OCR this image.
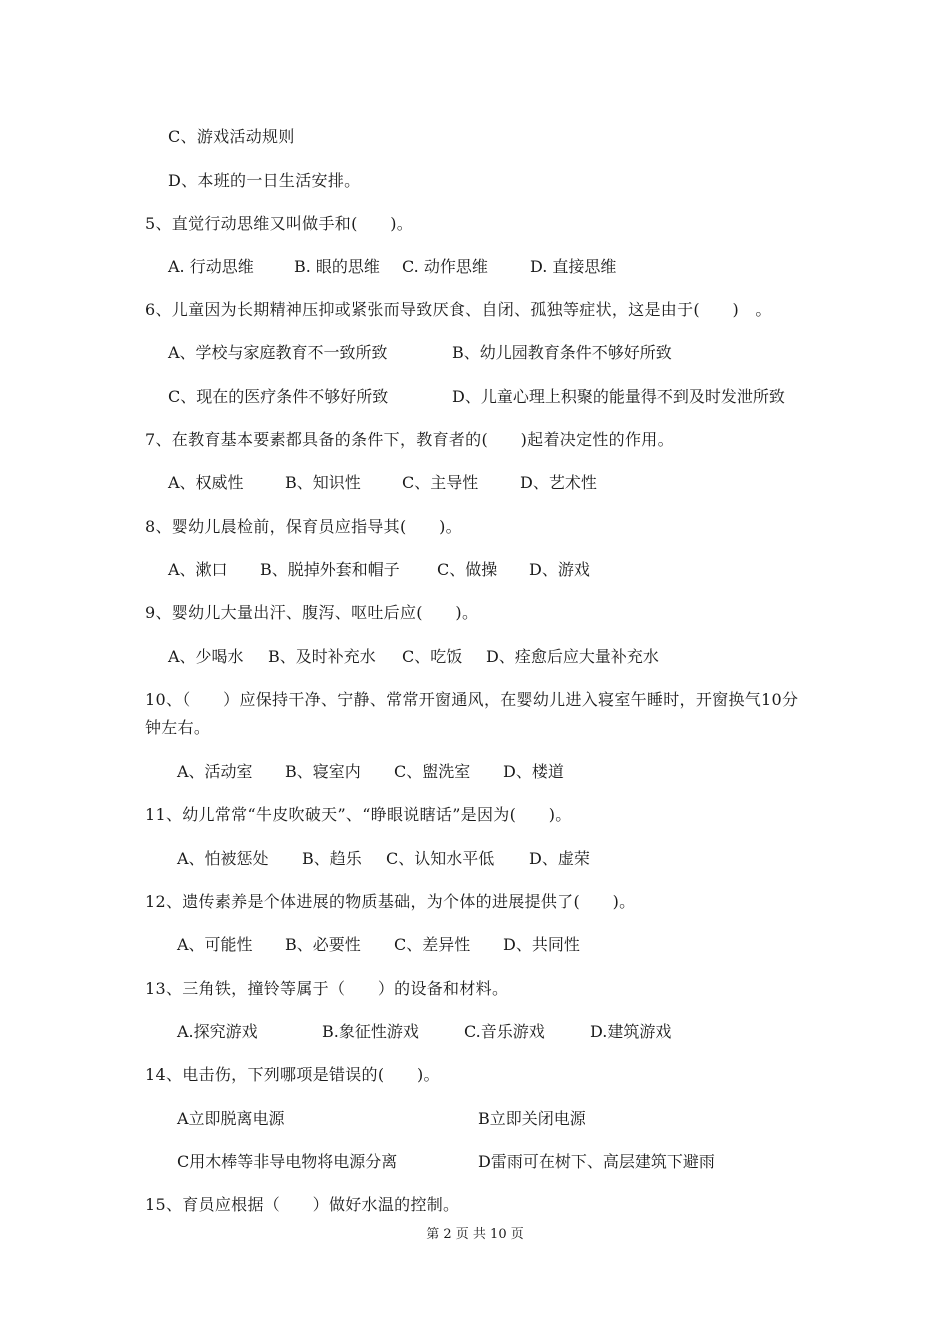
C、游戏活动规则
D、本班的一日生活安排。
5、直觉行动思维又叫做手和(　　)。
A. 行动思维	B. 眼的思维 C. 动作思维	D. 直接思维
6、儿童因为长期精神压抑或紧张而导致厌食、自闭、孤独等症状，这是由于(　　)　。
A、学校与家庭教育不一致所致	B、幼儿园教育条件不够好所致
C、现在的医疗条件不够好所致	D、儿童心理上积聚的能量得不到及时发泄所致
7、在教育基本要素都具备的条件下，教育者的(　　)起着决定性的作用。
A、权威性	B、知识性	C、主导性	D、艺术性
8、婴幼儿晨检前，保育员应指导其(　　)。
A、漱口 B、脱掉外套和帽子 C、做操 D、游戏
9、婴幼儿大量出汗、腹泻、呕吐后应(　　)。
A、少喝水 B、及时补充水 C、吃饭 D、痊愈后应大量补充水
10、（　　）应保持干净、宁静、常常开窗通风，在婴幼儿进入寝室午睡时，开窗换气10分
钟左右。
A、活动室 B、寝室内 C、盥洗室 D、楼道
11、幼儿常常“牛皮吹破天”、“睁眼说瞎话”是因为(　　)。
A、怕被惩处 B、趋乐 C、认知水平低 D、虚荣
12、遗传素养是个体进展的物质基础，为个体的进展提供了(　　)。
A、可能性 B、必要性 C、差异性 D、共同性
13、三角铁，撞铃等属于（　　）的设备和材料。
A.探究游戏	B.象征性游戏	C.音乐游戏	D.建筑游戏
14、电击伤，下列哪项是错误的(　　)。
A立即脱离电源	B立即关闭电源
C用木棒等非导电物将电源分离	D雷雨可在树下、高层建筑下避雨
15、育员应根据（　　）做好水温的控制。
第 2 页 共 10 页
